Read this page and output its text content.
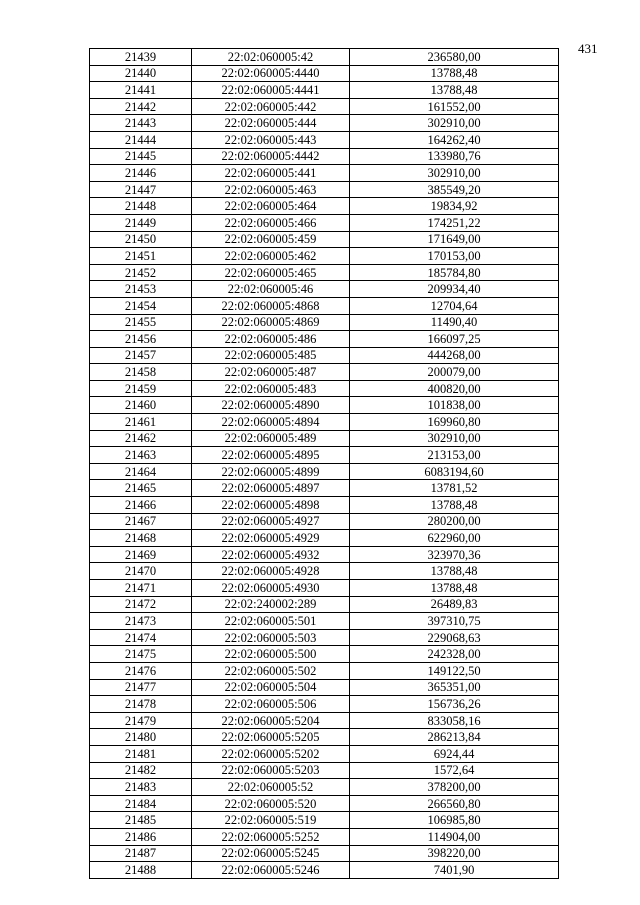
431
21439	22:02:060005:42	236580,00
21440	22:02:060005:4440	13788,48
21441	22:02:060005:4441	13788,48
21442	22:02:060005:442	161552,00
21443	22:02:060005:444	302910,00
21444	22:02:060005:443	164262,40
21445	22:02:060005:4442	133980,76
21446	22:02:060005:441	302910,00
21447	22:02:060005:463	385549,20
21448	22:02:060005:464	19834,92
21449	22:02:060005:466	174251,22
21450	22:02:060005:459	171649,00
21451	22:02:060005:462	170153,00
21452	22:02:060005:465	185784,80
21453	22:02:060005:46	209934,40
21454	22:02:060005:4868	12704,64
21455	22:02:060005:4869	11490,40
21456	22:02:060005:486	166097,25
21457	22:02:060005:485	444268,00
21458	22:02:060005:487	200079,00
21459	22:02:060005:483	400820,00
21460	22:02:060005:4890	101838,00
21461	22:02:060005:4894	169960,80
21462	22:02:060005:489	302910,00
21463	22:02:060005:4895	213153,00
21464	22:02:060005:4899	6083194,60
21465	22:02:060005:4897	13781,52
21466	22:02:060005:4898	13788,48
21467	22:02:060005:4927	280200,00
21468	22:02:060005:4929	622960,00
21469	22:02:060005:4932	323970,36
21470	22:02:060005:4928	13788,48
21471	22:02:060005:4930	13788,48
21472	22:02:240002:289	26489,83
21473	22:02:060005:501	397310,75
21474	22:02:060005:503	229068,63
21475	22:02:060005:500	242328,00
21476	22:02:060005:502	149122,50
21477	22:02:060005:504	365351,00
21478	22:02:060005:506	156736,26
21479	22:02:060005:5204	833058,16
21480	22:02:060005:5205	286213,84
21481	22:02:060005:5202	6924,44
21482	22:02:060005:5203	1572,64
21483	22:02:060005:52	378200,00
21484	22:02:060005:520	266560,80
21485	22:02:060005:519	106985,80
21486	22:02:060005:5252	114904,00
21487	22:02:060005:5245	398220,00
21488	22:02:060005:5246	7401,90
